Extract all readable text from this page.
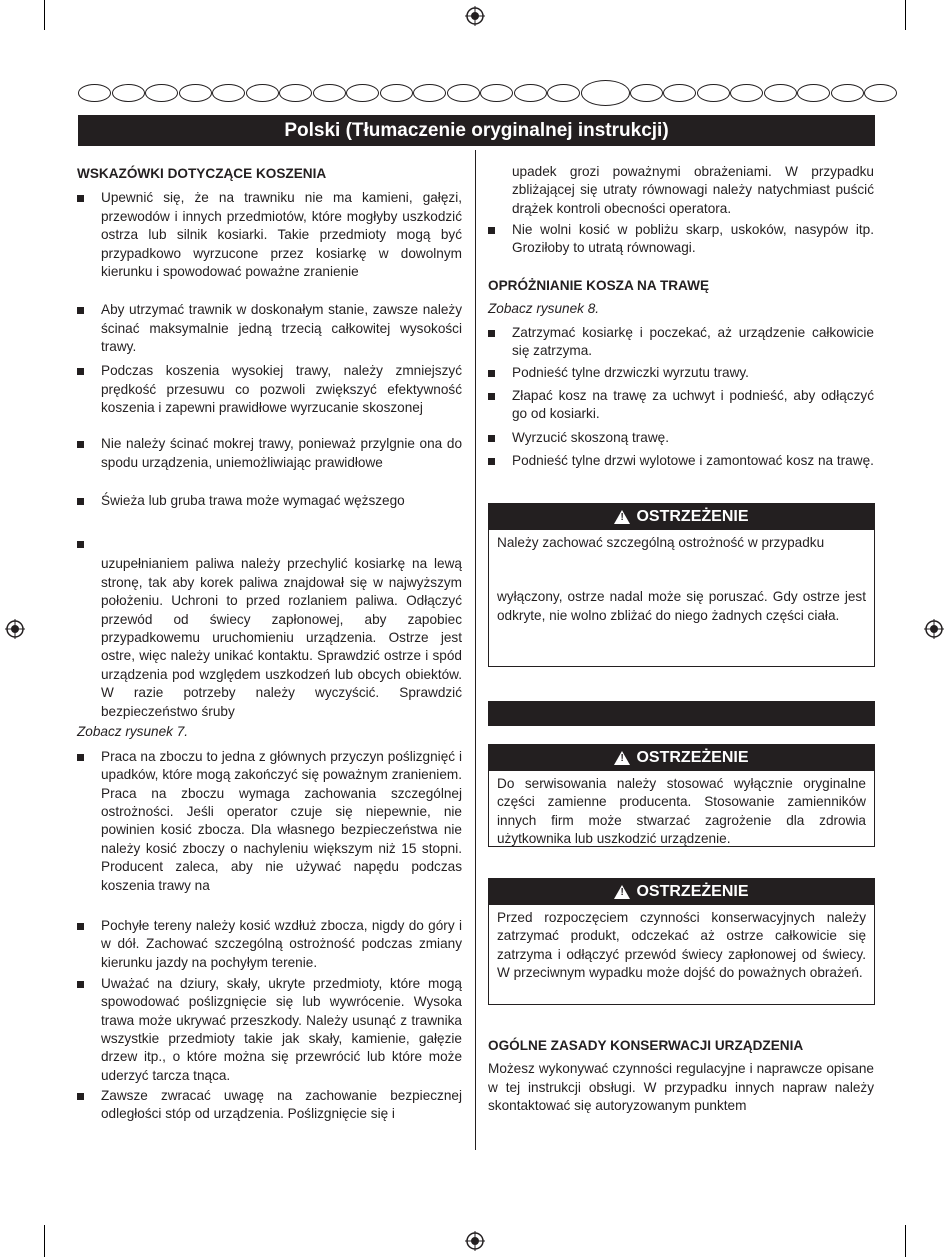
Polski (Tłumaczenie oryginalnej instrukcji)
WSKAZÓWKI DOTYCZĄCE KOSZENIA

Upewnić się, że na trawniku nie ma kamieni, gałęzi, przewodów i innych przedmiotów, które mogłyby uszkodzić ostrza lub silnik kosiarki. Takie przedmioty mogą być przypadkowo wyrzucone przez kosiarkę w dowolnym kierunku i spowodować poważne zranienie

Aby utrzymać trawnik w doskonałym stanie, zawsze należy ścinać maksymalnie jedną trzecią całkowitej wysokości trawy.

Podczas koszenia wysokiej trawy, należy zmniejszyć prędkość przesuwu co pozwoli zwiększyć efektywność koszenia i zapewni prawidłowe wyrzucanie skoszonej

Nie należy ścinać mokrej trawy, ponieważ przylgnie ona do spodu urządzenia, uniemożliwiając prawidłowe

Świeża lub gruba trawa może wymagać węższego

uzupełnianiem paliwa należy przechylić kosiarkę na lewą stronę, tak aby korek paliwa znajdował się w najwyższym położeniu. Uchroni to przed rozlaniem paliwa. Odłączyć przewód od świecy zapłonowej, aby zapobiec przypadkowemu uruchomieniu urządzenia. Ostrze jest ostre, więc należy unikać kontaktu. Sprawdzić ostrze i spód urządzenia pod względem uszkodzeń lub obcych obiektów. W razie potrzeby należy wyczyścić. Sprawdzić bezpieczeństwo śruby

Zobacz rysunek 7.

Praca na zboczu to jedna z głównych przyczyn poślizgnięć i upadków, które mogą zakończyć się poważnym zranieniem. Praca na zboczu wymaga zachowania szczególnej ostrożności. Jeśli operator czuje się niepewnie, nie powinien kosić zbocza. Dla własnego bezpieczeństwa nie należy kosić zboczy o nachyleniu większym niż 15 stopni. Producent zaleca, aby nie używać napędu podczas koszenia trawy na

Pochyłe tereny należy kosić wzdłuż zbocza, nigdy do góry i w dół. Zachować szczególną ostrożność podczas zmiany kierunku jazdy na pochyłym terenie.

Uważać na dziury, skały, ukryte przedmioty, które mogą spowodować poślizgnięcie się lub wywrócenie. Wysoka trawa może ukrywać przeszkody. Należy usunąć z trawnika wszystkie przedmioty takie jak skały, kamienie, gałęzie drzew itp., o które można się przewrócić lub które może uderzyć tarcza tnąca.

Zawsze zwracać uwagę na zachowanie bezpiecznej odległości stóp od urządzenia. Poślizgnięcie się i

upadek grozi poważnymi obrażeniami. W przypadku zbliżającej się utraty równowagi należy natychmiast puścić drążek kontroli obecności operatora.

Nie wolni kosić w pobliżu skarp, uskoków, nasypów itp. Groziłoby to utratą równowagi.

OPRÓŻNIANIE KOSZA NA TRAWĘ
Zobacz rysunek 8.

Zatrzymać kosiarkę i poczekać, aż urządzenie całkowicie się zatrzyma.

Podnieść tylne drzwiczki wyrzutu trawy.

Złapać kosz na trawę za uchwyt i podnieść, aby odłączyć go od kosiarki.

Wyrzucić skoszoną trawę.

Podnieść tylne drzwi wylotowe i zamontować kosz na trawę.

! OSTRZEŻENIE

Należy zachować szczególną ostrożność w przypadku

wyłączony, ostrze nadal może się poruszać. Gdy ostrze jest odkryte, nie wolno zbliżać do niego żadnych części ciała.

! OSTRZEŻENIE
Do serwisowania należy stosować wyłącznie oryginalne części zamienne producenta. Stosowanie zamienników innych firm może stwarzać zagrożenie dla zdrowia użytkownika lub uszkodzić urządzenie.
! OSTRZEŻENIE
Przed rozpoczęciem czynności konserwacyjnych należy zatrzymać produkt, odczekać aż ostrze całkowicie się zatrzyma i odłączyć przewód świecy zapłonowej od świecy. W przeciwnym wypadku może dojść do poważnych obrażeń.
OGÓLNE ZASADY KONSERWACJI URZĄDZENIA

Możesz wykonywać czynności regulacyjne i naprawcze opisane w tej instrukcji obsługi. W przypadku innych napraw należy skontaktować się autoryzowanym punktem
